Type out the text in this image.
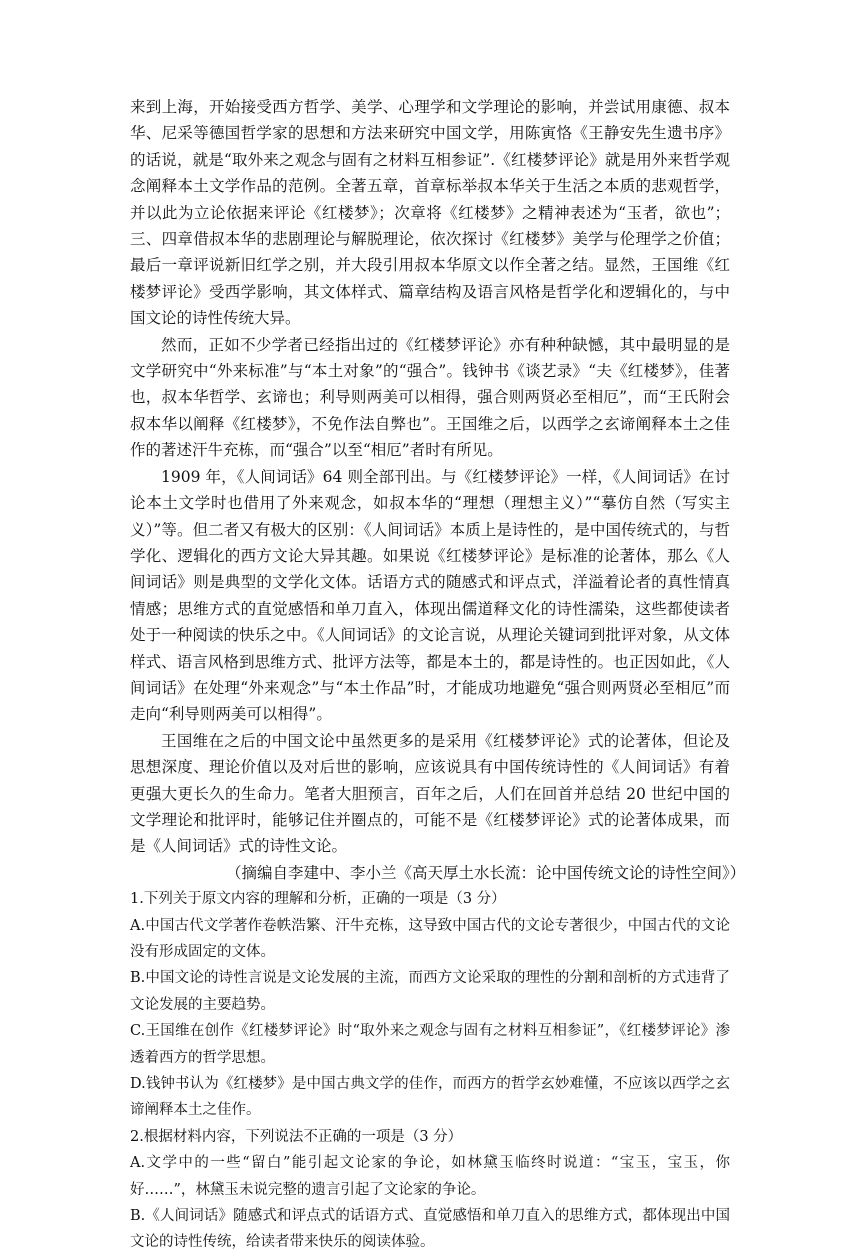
来到上海，开始接受西方哲学、美学、心理学和文学理论的影响，并尝试用康德、叔本华、尼采等德国哲学家的思想和方法来研究中国文学，用陈寅恪《王静安先生遗书序》的话说，就是“取外来之观念与固有之材料互相参证”.《红楼梦评论》就是用外来哲学观念阐释本土文学作品的范例。全著五章，首章标举叔本华关于生活之本质的悲观哲学，并以此为立论依据来评论《红楼梦》；次章将《红楼梦》之精神表述为“玉者，欲也”；三、四章借叔本华的悲剧理论与解脱理论，依次探讨《红楼梦》美学与伦理学之价值；最后一章评说新旧红学之别，并大段引用叔本华原文以作全著之结。显然，王国维《红楼梦评论》受西学影响，其文体样式、篇章结构及语言风格是哲学化和逻辑化的，与中国文论的诗性传统大异。

然而，正如不少学者已经指出过的《红楼梦评论》亦有种种缺憾，其中最明显的是文学研究中“外来标准”与“本土对象”的“强合”。钱钟书《谈艺录》“夫《红楼梦》，佳著也，叔本华哲学、玄谛也；利导则两美可以相得，强合则两贤必至相厄”，而“王氏附会叔本华以阐释《红楼梦》，不免作法自弊也”。王国维之后，以西学之玄谛阐释本土之佳作的著述汗牛充栋，而“强合”以至“相厄”者时有所见。

1909 年，《人间词话》64 则全部刊出。与《红楼梦评论》一样，《人间词话》在讨论本土文学时也借用了外来观念，如叔本华的“理想（理想主义）”“摹仿自然（写实主义）”等。但二者又有极大的区别：《人间词话》本质上是诗性的，是中国传统式的，与哲学化、逻辑化的西方文论大异其趣。如果说《红楼梦评论》是标准的论著体，那么《人间词话》则是典型的文学化文体。话语方式的随感式和评点式，洋溢着论者的真性情真情感；思维方式的直觉感悟和单刀直入，体现出儒道释文化的诗性濡染，这些都使读者处于一种阅读的快乐之中。《人间词话》的文论言说，从理论关键词到批评对象，从文体样式、语言风格到思维方式、批评方法等，都是本土的，都是诗性的。也正因如此，《人间词话》在处理“外来观念”与“本土作品”时，才能成功地避免“强合则两贤必至相厄”而走向“利导则两美可以相得”。

王国维在之后的中国文论中虽然更多的是采用《红楼梦评论》式的论著体，但论及思想深度、理论价值以及对后世的影响，应该说具有中国传统诗性的《人间词话》有着更强大更长久的生命力。笔者大胆预言，百年之后，人们在回首并总结 20 世纪中国的文学理论和批评时，能够记住并圈点的，可能不是《红楼梦评论》式的论著体成果，而是《人间词话》式的诗性文论。

（摘编自李建中、李小兰《高天厚土水长流：论中国传统文论的诗性空间》）

1.下列关于原文内容的理解和分析，正确的一项是（3 分）

A.中国古代文学著作卷帙浩繁、汗牛充栋，这导致中国古代的文论专著很少，中国古代的文论没有形成固定的文体。

B.中国文论的诗性言说是文论发展的主流，而西方文论采取的理性的分割和剖析的方式违背了文论发展的主要趋势。

C.王国维在创作《红楼梦评论》时“取外来之观念与固有之材料互相参证”，《红楼梦评论》渗透着西方的哲学思想。

D.钱钟书认为《红楼梦》是中国古典文学的佳作，而西方的哲学玄妙难懂，不应该以西学之玄谛阐释本土之佳作。

2.根据材料内容，下列说法不正确的一项是（3 分）

A.文学中的一些“留白”能引起文论家的争论，如林黛玉临终时说道：“宝玉，宝玉，你好……”，林黛玉未说完整的遗言引起了文论家的争论。

B.《人间词话》随感式和评点式的话语方式、直觉感悟和单刀直入的思维方式，都体现出中国文论的诗性传统，给读者带来快乐的阅读体验。
